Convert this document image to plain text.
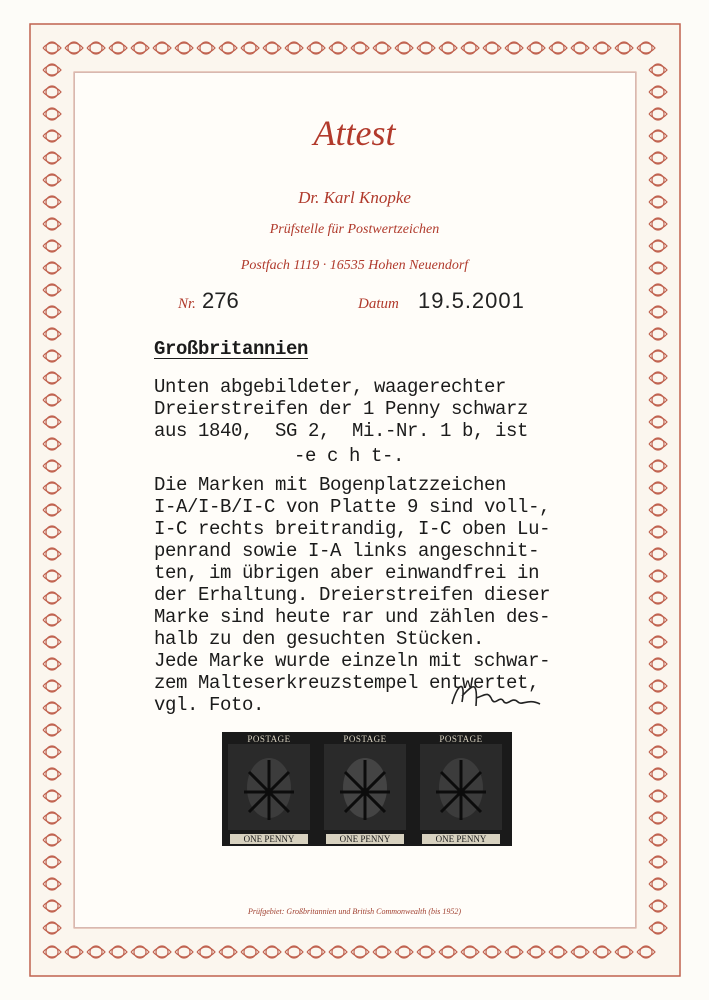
Attest
Dr. Karl Knopke
Prüfstelle für Postwertzeichen
Postfach 1119 · 16535 Hohen Neuendorf
Nr. 276	Datum 19.5.2001
Großbritannien
Unten abgebildeter, waagerechter
Dreierstreifen der 1 Penny schwarz
aus 1840,  SG 2,  Mi.-Nr. 1 b, ist
-e c h t-.
Die Marken mit Bogenplatzzeichen
I-A/I-B/I-C von Platte 9 sind voll-,
I-C rechts breitrandig, I-C oben Lu-
penrand sowie I-A links angeschnit-
ten, im übrigen aber einwandfrei in
der Erhaltung. Dreierstreifen dieser
Marke sind heute rar und zählen des-
halb zu den gesuchten Stücken.
Jede Marke wurde einzeln mit schwar-
zem Malteserkreuzstempel entwertet,
vgl. Foto.
POSTAGE
ONE PENNY
POSTAGE
ONE PENNY
POSTAGE
ONE PENNY
Prüfgebiet: Großbritannien und British Commonwealth (bis 1952)
